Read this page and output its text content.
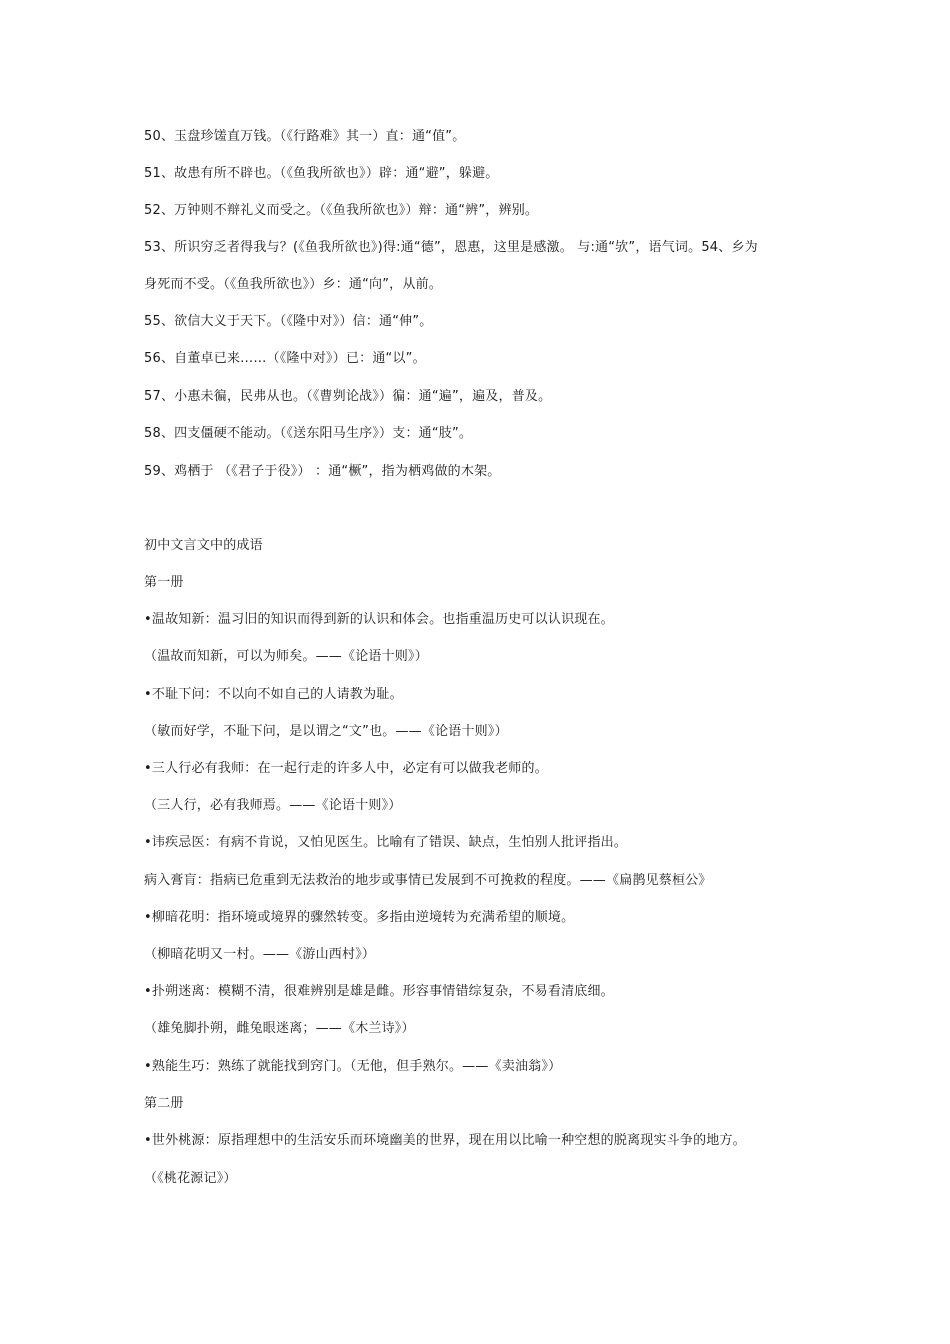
50、玉盘珍馐直万钱。（《行路难》其一）直：通“值”。
51、故患有所不辟也。（《鱼我所欲也》）辟：通“避”，躲避。
52、万钟则不辩礼义而受之。（《鱼我所欲也》）辩：通“辨”，辨别。
53、所识穷乏者得我与？(《鱼我所欲也》)得:通“德”，恩惠，这里是感激。 与:通“欤”，语气词。54、乡为
身死而不受。（《鱼我所欲也》）乡：通“向”，从前。
55、欲信大义于天下。（《隆中对》）信：通“伸”。
56、自董卓已来……（《隆中对》）已：通“以”。
57、小惠未徧，民弗从也。（《曹刿论战》）徧：通“遍”，遍及，普及。
58、四支僵硬不能动。（《送东阳马生序》）支：通“肢”。
59、鸡栖于 （《君子于役》） ：通“橛”，指为栖鸡做的木架。
初中文言文中的成语
第一册
•温故知新：温习旧的知识而得到新的认识和体会。也指重温历史可以认识现在。
（温故而知新，可以为师矣。——《论语十则》）
•不耻下问：不以向不如自己的人请教为耻。
（敏而好学，不耻下问，是以谓之“文”也。——《论语十则》）
•三人行必有我师：在一起行走的许多人中，必定有可以做我老师的。
（三人行，必有我师焉。——《论语十则》）
•讳疾忌医：有病不肯说，又怕见医生。比喻有了错误、缺点，生怕别人批评指出。
病入膏肓：指病已危重到无法救治的地步或事情已发展到不可挽救的程度。——《扁鹊见蔡桓公》
•柳暗花明：指环境或境界的骤然转变。多指由逆境转为充满希望的顺境。
（柳暗花明又一村。——《游山西村》）
•扑朔迷离：模糊不清，很难辨别是雄是雌。形容事情错综复杂，不易看清底细。
（雄兔脚扑朔，雌兔眼迷离；——《木兰诗》）
•熟能生巧：熟练了就能找到窍门。（无他，但手熟尔。——《卖油翁》）
第二册
•世外桃源：原指理想中的生活安乐而环境幽美的世界，现在用以比喻一种空想的脱离现实斗争的地方。
（《桃花源记》）
